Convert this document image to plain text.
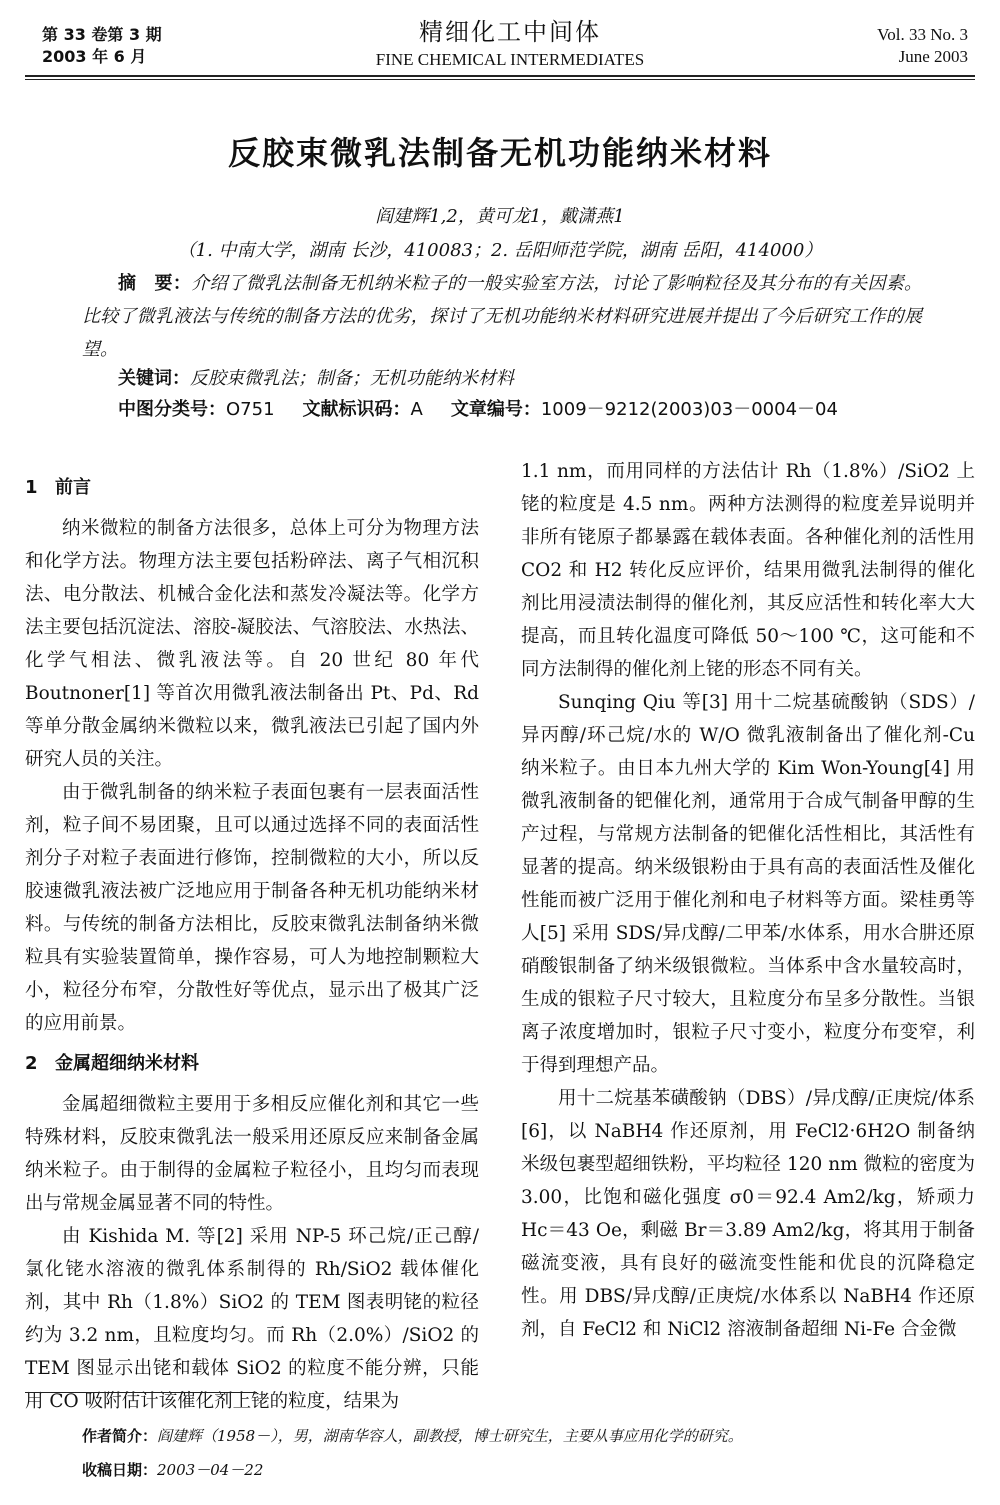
第 33 卷第 3 期
2003 年 6 月
精细化工中间体
FINE CHEMICAL INTERMEDIATES
Vol. 33 No. 3
June 2003
反胶束微乳法制备无机功能纳米材料
阎建辉1,2，黄可龙1，戴潇燕1
（1. 中南大学，湖南 长沙，410083；2. 岳阳师范学院，湖南 岳阳，414000）
摘　要：介绍了微乳法制备无机纳米粒子的一般实验室方法，讨论了影响粒径及其分布的有关因素。比较了微乳液法与传统的制备方法的优劣，探讨了无机功能纳米材料研究进展并提出了今后研究工作的展望。
关键词：反胶束微乳法；制备；无机功能纳米材料
中图分类号：O751 文献标识码：A 文章编号：1009－9212(2003)03－0004－04
1 前言

纳米微粒的制备方法很多，总体上可分为物理方法和化学方法。物理方法主要包括粉碎法、离子气相沉积法、电分散法、机械合金化法和蒸发冷凝法等。化学方法主要包括沉淀法、溶胶-凝胶法、气溶胶法、水热法、化学气相法、微乳液法等。自 20 世纪 80 年代 Boutnoner[1] 等首次用微乳液法制备出 Pt、Pd、Rd 等单分散金属纳米微粒以来，微乳液法已引起了国内外研究人员的关注。

由于微乳制备的纳米粒子表面包裹有一层表面活性剂，粒子间不易团聚，且可以通过选择不同的表面活性剂分子对粒子表面进行修饰，控制微粒的大小，所以反胶速微乳液法被广泛地应用于制备各种无机功能纳米材料。与传统的制备方法相比，反胶束微乳法制备纳米微粒具有实验装置简单，操作容易，可人为地控制颗粒大小，粒径分布窄，分散性好等优点，显示出了极其广泛的应用前景。

2 金属超细纳米材料

金属超细微粒主要用于多相反应催化剂和其它一些特殊材料，反胶束微乳法一般采用还原反应来制备金属纳米粒子。由于制得的金属粒子粒径小，且均匀而表现出与常规金属显著不同的特性。

由 Kishida M. 等[2] 采用 NP-5 环己烷/正己醇/氯化铑水溶液的微乳体系制得的 Rh/SiO2 载体催化剂，其中 Rh（1.8%）SiO2 的 TEM 图表明铑的粒径约为 3.2 nm，且粒度均匀。而 Rh（2.0%）/SiO2 的 TEM 图显示出铑和载体 SiO2 的粒度不能分辨，只能用 CO 吸附估计该催化剂上铑的粒度，结果为

1.1 nm，而用同样的方法估计 Rh（1.8%）/SiO2 上铑的粒度是 4.5 nm。两种方法测得的粒度差异说明并非所有铑原子都暴露在载体表面。各种催化剂的活性用 CO2 和 H2 转化反应评价，结果用微乳法制得的催化剂比用浸渍法制得的催化剂，其反应活性和转化率大大提高，而且转化温度可降低 50～100 ℃，这可能和不同方法制得的催化剂上铑的形态不同有关。

Sunqing Qiu 等[3] 用十二烷基硫酸钠（SDS）/异丙醇/环己烷/水的 W/O 微乳液制备出了催化剂-Cu 纳米粒子。由日本九州大学的 Kim Won-Young[4] 用微乳液制备的钯催化剂，通常用于合成气制备甲醇的生产过程，与常规方法制备的钯催化活性相比，其活性有显著的提高。纳米级银粉由于具有高的表面活性及催化性能而被广泛用于催化剂和电子材料等方面。梁桂勇等人[5] 采用 SDS/异戊醇/二甲苯/水体系，用水合肼还原硝酸银制备了纳米级银微粒。当体系中含水量较高时，生成的银粒子尺寸较大，且粒度分布呈多分散性。当银离子浓度增加时，银粒子尺寸变小，粒度分布变窄，利于得到理想产品。

用十二烷基苯磺酸钠（DBS）/异戊醇/正庚烷/体系[6]，以 NaBH4 作还原剂，用 FeCl2·6H2O 制备纳米级包裹型超细铁粉，平均粒径 120 nm 微粒的密度为 3.00，比饱和磁化强度 σ0＝92.4 Am2/kg，矫顽力 Hc＝43 Oe，剩磁 Br＝3.89 Am2/kg，将其用于制备磁流变液，具有良好的磁流变性能和优良的沉降稳定性。用 DBS/异戊醇/正庚烷/水体系以 NaBH4 作还原剂，自 FeCl2 和 NiCl2 溶液制备超细 Ni-Fe 合金微

作者简介：阎建辉（1958－），男，湖南华容人，副教授，博士研究生，主要从事应用化学的研究。
收稿日期：2003－04－22
